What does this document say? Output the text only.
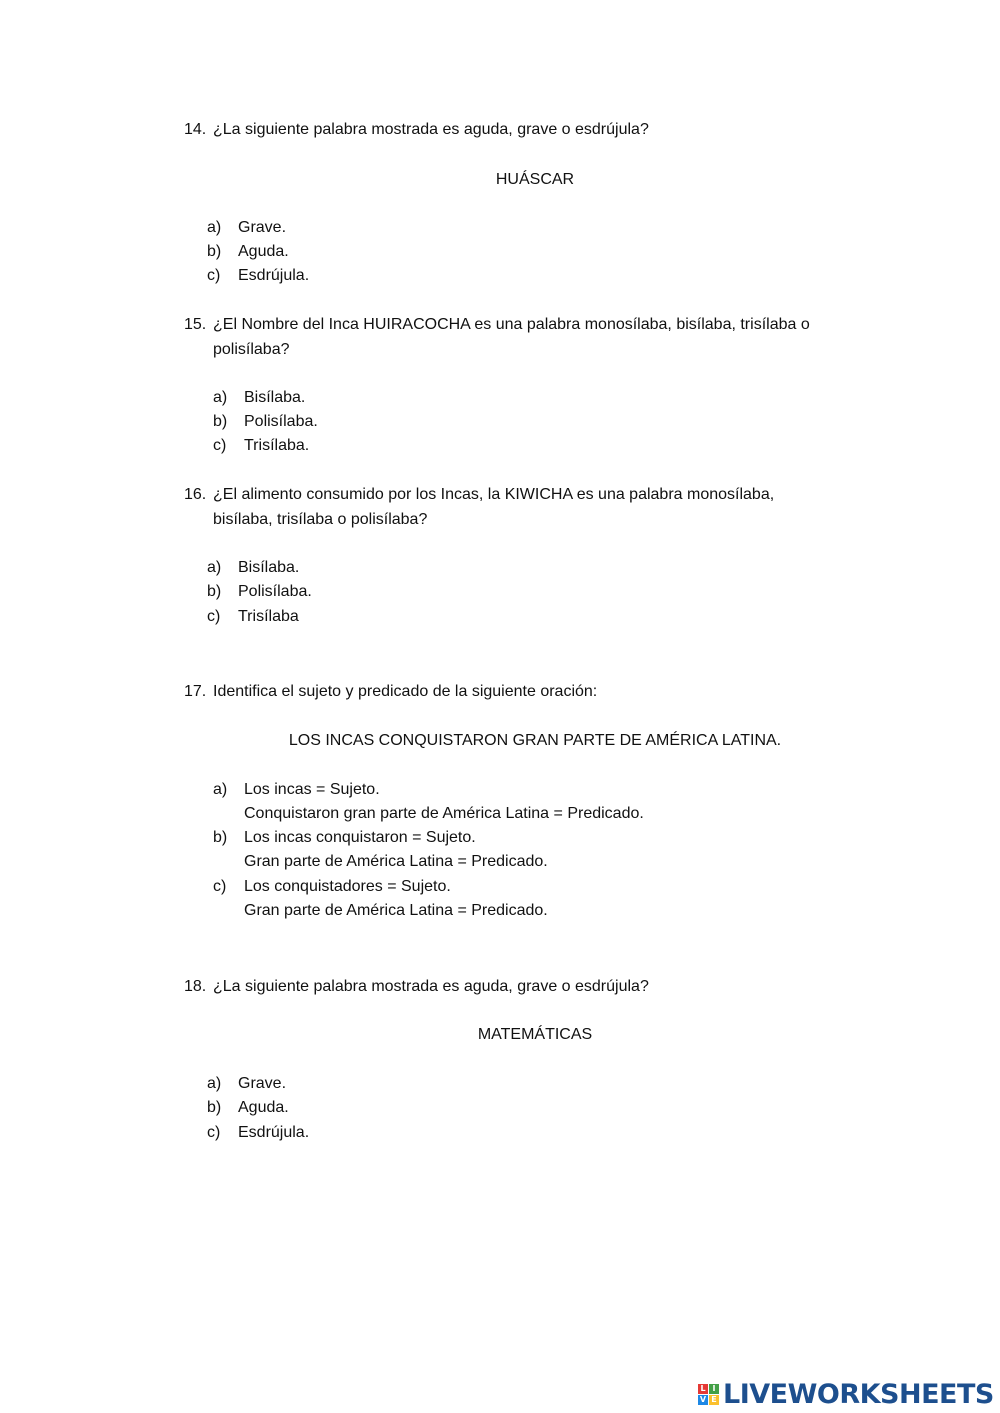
14. ¿La siguiente palabra mostrada es aguda, grave o esdrújula?
HUÁSCAR
a) Grave.
b) Aguda.
c) Esdrújula.
15. ¿El Nombre del Inca HUIRACOCHA es una palabra monosílaba, bisílaba, trisílaba o
polisílaba?
a) Bisílaba.
b) Polisílaba.
c) Trisílaba.
16. ¿El alimento consumido por los Incas, la KIWICHA es una palabra monosílaba,
bisílaba, trisílaba o polisílaba?
a) Bisílaba.
b) Polisílaba.
c) Trisílaba
17. Identifica el sujeto y predicado de la siguiente oración:
LOS INCAS CONQUISTARON GRAN PARTE DE AMÉRICA LATINA.
a) Los incas = Sujeto.
Conquistaron gran parte de América Latina = Predicado.
b) Los incas conquistaron = Sujeto.
Gran parte de América Latina = Predicado.
c) Los conquistadores = Sujeto.
Gran parte de América Latina = Predicado.
18. ¿La siguiente palabra mostrada es aguda, grave o esdrújula?
MATEMÁTICAS
a) Grave.
b) Aguda.
c) Esdrújula.
L I
V E LIVEWORKSHEETS
